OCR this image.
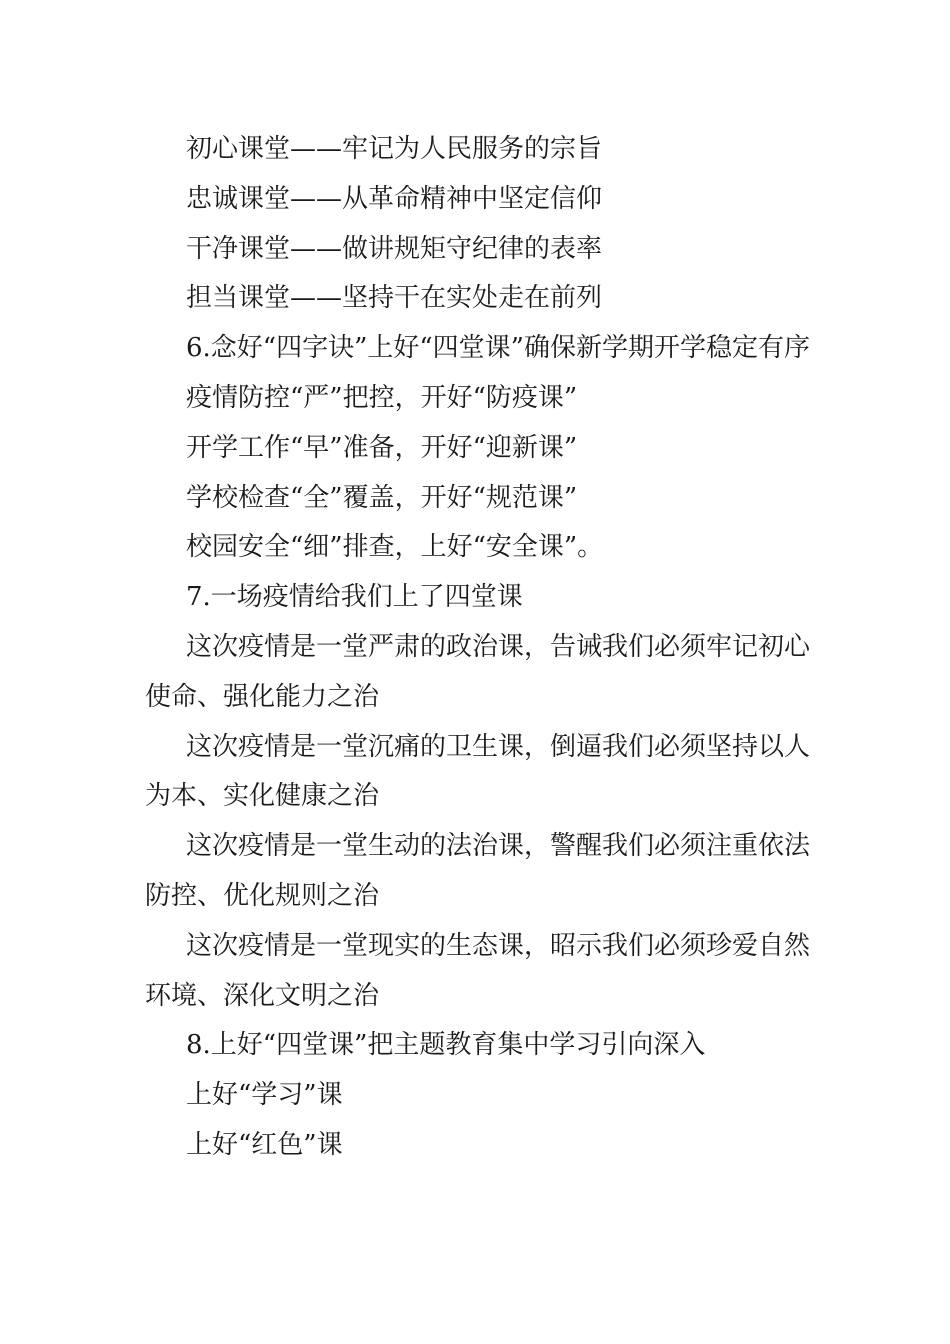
初心课堂——牢记为人民服务的宗旨

忠诚课堂——从革命精神中坚定信仰

干净课堂——做讲规矩守纪律的表率

担当课堂——坚持干在实处走在前列

6.念好“四字诀”上好“四堂课”确保新学期开学稳定有序

疫情防控“严”把控，开好“防疫课”

开学工作“早”准备，开好“迎新课”

学校检查“全”覆盖，开好“规范课”

校园安全“细”排查，上好“安全课”。

7.一场疫情给我们上了四堂课

这次疫情是一堂严肃的政治课，告诫我们必须牢记初心使命、强化能力之治

这次疫情是一堂沉痛的卫生课，倒逼我们必须坚持以人为本、实化健康之治

这次疫情是一堂生动的法治课，警醒我们必须注重依法防控、优化规则之治

这次疫情是一堂现实的生态课，昭示我们必须珍爱自然环境、深化文明之治

8.上好“四堂课”把主题教育集中学习引向深入

上好“学习”课

上好“红色”课
